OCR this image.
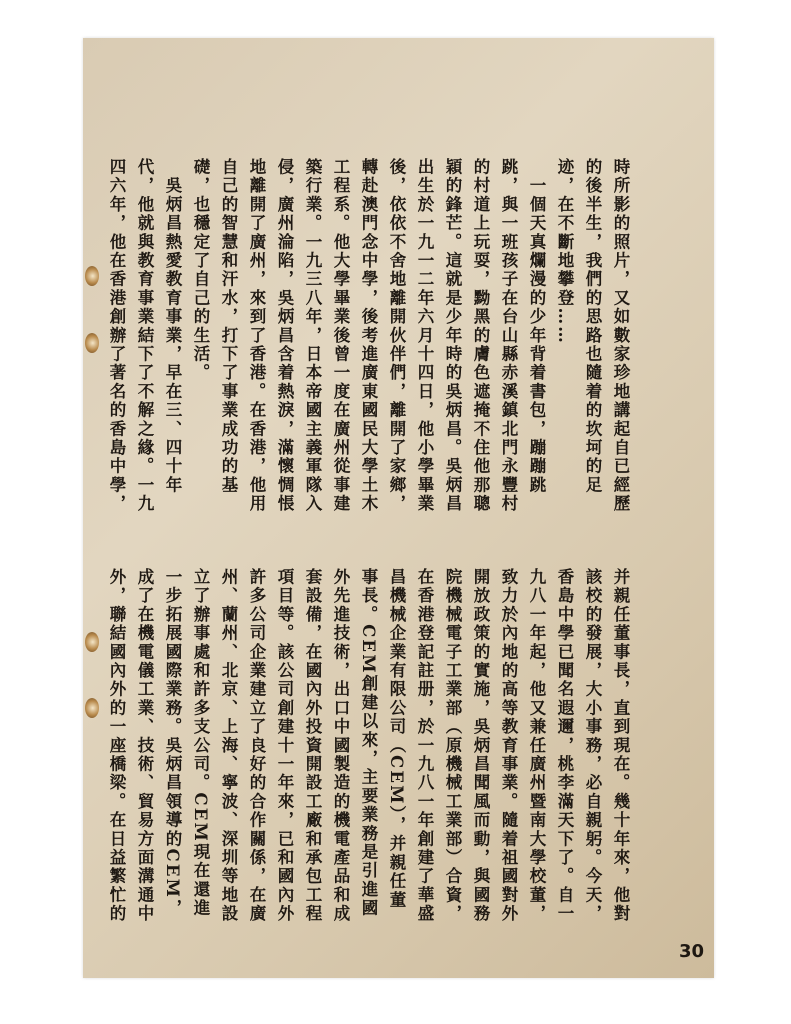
時所影的照片，又如數家珍地講起自已經歷
的後半生，我們的思路也隨着的坎坷的足
迹，在不斷地攀登……
　一個天真爛漫的少年背着書包，蹦蹦跳
跳，與一班孩子在台山縣赤溪鎮北門永豐村
的村道上玩耍，黝黑的膚色遮掩不住他那聰
穎的鋒芒。這就是少年時的吳炳昌。吳炳昌
出生於一九一二年六月十四日，他小學畢業
後，依依不舍地離開伙伴們，離開了家鄉，
轉赴澳門念中學，後考進廣東國民大學土木
工程系。他大學畢業後曾一度在廣州從事建
築行業。一九三八年，日本帝國主義軍隊入
侵，廣州淪陷，吳炳昌含着熱淚，滿懷惆悵
地離開了廣州，來到了香港。在香港，他用
自己的智慧和汗水，打下了事業成功的基
礎，也穩定了自己的生活。
　吳炳昌熱愛教育事業，早在三、四十年
代，他就與教育事業結下了不解之緣。一九
四六年，他在香港創辦了著名的香島中學，
并親任董事長，直到現在。幾十年來，他對
該校的發展，大小事務，必自親躬。今天，
香島中學已聞名遐邇，桃李滿天下了。自一
九八一年起，他又兼任廣州暨南大學校董，
致力於內地的高等教育事業。隨着祖國對外
開放政策的實施，吳炳昌聞風而動，與國務
院機械電子工業部（原機械工業部）合資，
在香港登記註册，於一九八一年創建了華盛
昌機械企業有限公司（CEM），并親任董
事長。CEM創建以來，主要業務是引進國
外先進技術，出口中國製造的機電產品和成
套設備，在國內外投資開設工廠和承包工程
項目等。該公司創建十一年來，已和國內外
許多公司企業建立了良好的合作關係，在廣
州、蘭州、北京、上海、寧波、深圳等地設
立了辦事處和許多支公司。CEM現在還進
一步拓展國際業務。吳炳昌領導的CEM，
成了在機電儀工業、技術、貿易方面溝通中
外，聯結國內外的一座橋梁。在日益繁忙的
30
